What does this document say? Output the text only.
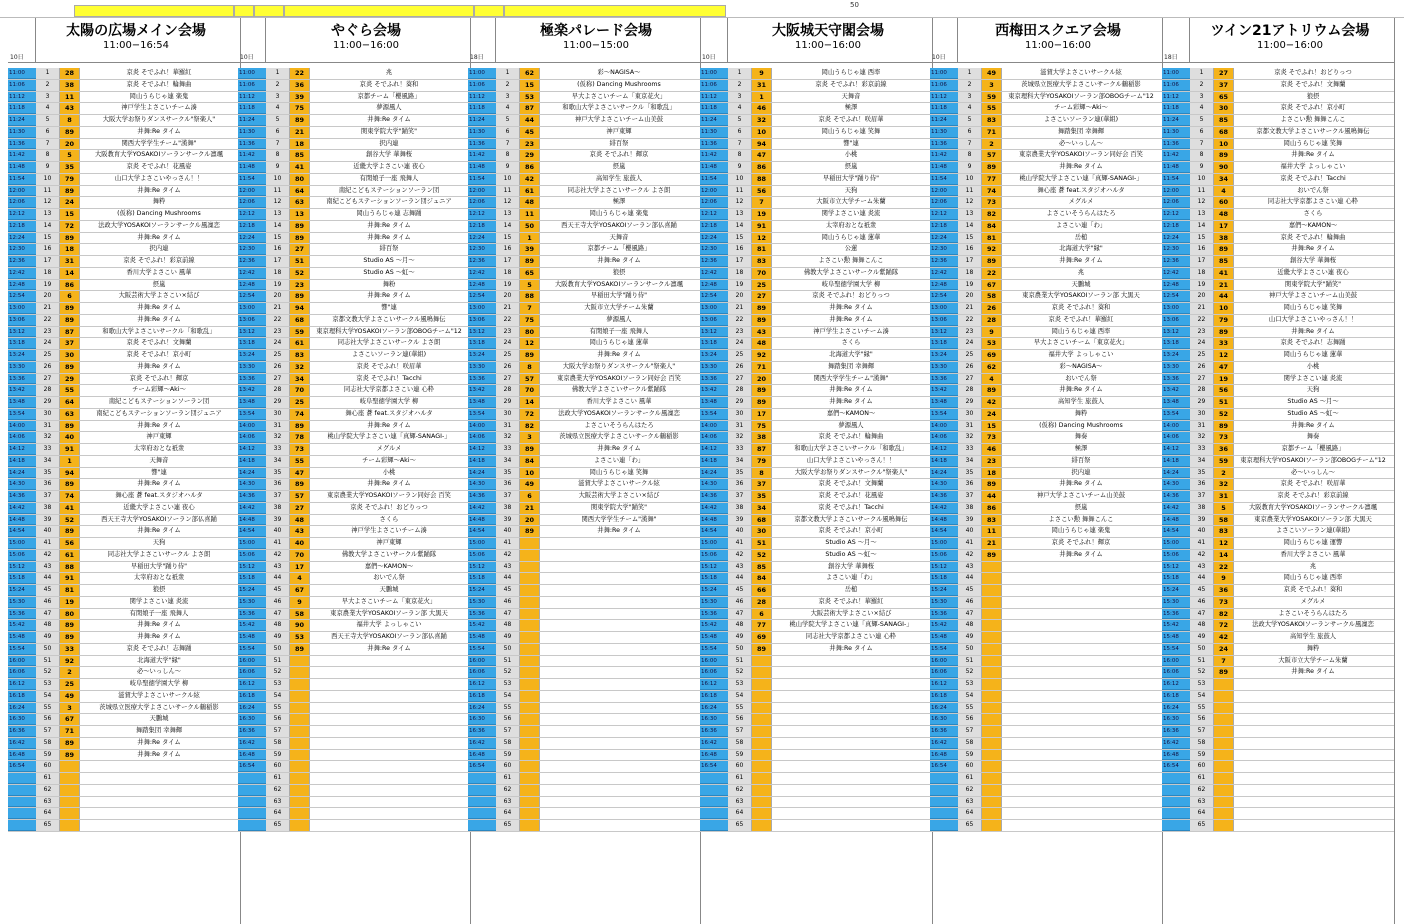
50
10日
太陽の広場メイン会場
11:00−16:54
11:00	1	28	京炎 そでふれ！華羅紅
11:06	2	38	京炎 そでふれ！輪舞曲
11:12	3	11	岡山うらじゃ連 楽鬼
11:18	4	43	神戸学生よさこいチーム湊
11:24	5	8	大阪大学お祭りダンスサークル"祭楽人"
11:30	6	89	井舞:Re タイム
11:36	7	20	関西大学学生チーム"漢舞"
11:42	8	5	大阪教育大学YOSAKOIソーランサークル凛颯
11:48	9	35	京炎 そでふれ！花風姿
11:54	10	79	山口大学よさこいやっさん！！
12:00	11	89	井舞:Re タイム
12:06	12	24	舞粋
12:12	13	15	(仮称) Dancing Mushrooms
12:18	14	72	法政大学YOSAKOIソーランサークル風凜恋
12:24	15	89	井舞:Re タイム
12:30	16	18	択内連
12:36	17	31	京炎 そでふれ！彩京前線
12:42	18	14	香川大学よさこい 風華
12:48	19	86	摂嵐
12:54	20	6	大阪芸術大学よさこい×結び
13:00	21	89	井舞:Re タイム
13:06	22	89	井舞:Re タイム
13:12	23	87	和歌山大学よさこいサークル「和歌乱」
13:18	24	37	京炎 そでふれ！文舞蘭
13:24	25	30	京炎 そでふれ！京小町
13:30	26	89	井舞:Re タイム
13:36	27	29	京炎 そでふれ！輝京
13:42	28	55	チーム彩輝〜Aki〜
13:48	29	64	南紀こどもステーションソーラン団
13:54	30	63	南紀こどもステーションソーラン団ジュニア
14:00	31	89	井舞:Re タイム
14:06	32	40	神戸東輝
14:12	33	91	太宰府おとな祇衆
14:18	34	1	天舞音
14:24	35	94	響"連
14:30	36	89	井舞:Re タイム
14:36	37	74	舞心座 蒼 feat.スタジオハルタ
14:42	38	41	近畿大学よさこい連 夜心
14:48	39	52	西天王寺大学YOSAKOIソーラン部仏喜踊
14:54	40	89	井舞:Re タイム
15:00	41	56	天狗
15:06	42	61	同志社大学よさこいサークル よさ朗
15:12	43	88	早稲田大学"踊り侍"
15:18	44	91	太宰府おとな祇衆
15:24	45	81	狼摂
15:30	46	19	関学よさこい連 炎流
15:36	47	80	有閑娘子一座 飛舞人
15:42	48	89	井舞:Re タイム
15:48	49	89	井舞:Re タイム
15:54	50	33	京炎 そでふれ！志舞踊
16:00	51	92	北海道大学"縁"
16:06	52	2	必〜いっしん〜
16:12	53	25	岐阜聖徳学園大学 柳
16:18	54	49	滋賀大学よさこいサークル絃
16:24	55	3	茨城県立医療大学よさこいサークル鶴稲影
16:30	56	67	天鵬城
16:36	57	71	舞踏集団 幸舞輝
16:42	58	89	井舞:Re タイム
16:48	59	89	井舞:Re タイム
16:54	60
61
62
63
64
65
10日
やぐら会場
11:00−16:00
11:00	1	22	兆
11:06	2	36	京炎 そでふれ！葵和
11:12	3	39	京都チーム「櫻風路」
11:18	4	75	夢源風人
11:24	5	89	井舞:Re タイム
11:30	6	21	関東学院大学"踊笑"
11:36	7	18	択内連
11:42	8	85	創谷大学 華舞桜
11:48	9	41	近畿大学よさこい連 夜心
11:54	10	80	有閑娘子一座 飛舞人
12:00	11	64	南紀こどもステーションソーラン団
12:06	12	63	南紀こどもステーションソーラン団ジュニア
12:12	13	13	岡山うらじゃ連 志舞踊
12:18	14	89	井舞:Re タイム
12:24	15	89	井舞:Re タイム
12:30	16	27	緋百祭
12:36	17	51	Studio AS 〜月〜
12:42	18	52	Studio AS 〜虹〜
12:48	19	23	舞粉
12:54	20	89	井舞:Re タイム
13:00	21	94	響"連
13:06	22	68	京都文教大学よさこいサークル風鳴舞伝
13:12	23	59	東京理科大学YOSAKOIソーラン部OBOGチーム"12
13:18	24	61	同志社大学よさこいサークル よさ朗
13:24	25	83	よさこいソーラン連(華組)
13:30	26	32	京炎 そでふれ！咲眉華
13:36	27	34	京炎 そでふれ！Tacchi
13:42	28	70	同志社大学京都よさこい連 心粋
13:48	29	25	岐阜聖徳学園大学 柳
13:54	30	74	舞心座 蒼 feat.スタジオハルタ
14:00	31	89	井舞:Re タイム
14:06	32	78	桃山学院大学よさこい連「真輝-SANAGI-」
14:12	33	73	メグルメ
14:18	34	55	チーム彩輝〜Aki〜
14:24	35	47	小桃
14:30	36	89	井舞:Re タイム
14:36	37	57	東京農業大学YOSAKOIソーラン同好会 百笑
14:42	38	27	京炎 そでふれ！おどりっつ
14:48	39	48	さくら
14:54	40	43	神戸学生よさこいチーム湊
15:00	41	40	神戸東輝
15:06	42	70	佛教大学よさこいサークル紫踊隊
15:12	43	17	嘉們〜KAMON〜
15:18	44	4	おいでん祭
15:24	45	67	天鵬城
15:30	46	9	早大よさこいチーム「東京花火」
15:36	47	58	東京農業大学YOSAKOIソーラン部 大黒天
15:42	48	90	福井大学 よっしゃこい
15:48	49	53	西天王寺大学YOSAKOIソーラン部仏喜踊
15:54	50	89	井舞:Re タイム
16:00	51
16:06	52
16:12	53
16:18	54
16:24	55
16:30	56
16:36	57
16:42	58
16:48	59
16:54	60
61
62
63
64
65
18日
極楽パレード会場
11:00−15:00
11:00	1	62	彩〜NAGISA〜
11:06	2	15	(仮称) Dancing Mushrooms
11:12	3	53	早大よさこいチーム「東京花火」
11:18	4	87	和歌山大学よさこいサークル「和歌乱」
11:24	5	44	神戸大学よさこいチーム山美鼓
11:30	6	45	神戸東輝
11:36	7	23	緋百祭
11:42	8	29	京炎 そでふれ！輝京
11:48	9	86	摂嵐
11:54	10	42	高知学生 旅鼓人
12:00	11	61	同志社大学よさこいサークル よさ朗
12:06	12	48	極澤
12:12	13	11	岡山うらじゃ連 楽鬼
12:18	14	50	西天王寺大学YOSAKOIソーラン部仏喜踊
12:24	15	1	天舞音
12:30	16	39	京都チーム「櫻風路」
12:36	17	89	井舞:Re タイム
12:42	18	65	狼摂
12:48	19	5	大阪教育大学YOSAKOIソーランサークル凛颯
12:54	20	88	早稲田大学"踊り侍"
13:00	21	7	大阪市立大学チーム朱蘭
13:06	22	75	夢源風人
13:12	23	80	有閑娘子一座 飛舞人
13:18	24	12	岡山うらじゃ連 蓮華
13:24	25	89	井舞:Re タイム
13:30	26	8	大阪大学お祭りダンスサークル"祭楽人"
13:36	27	57	東京農業大学YOSAKOIソーラン同好会 百笑
13:42	28	70	佛教大学よさこいサークル紫踊隊
13:48	29	14	香川大学よさこい 風華
13:54	30	72	法政大学YOSAKOIソーランサークル風凜恋
14:00	31	82	よさこいそうらんはたろ
14:06	32	3	茨城県立医療大学よさこいサークル鶴稲影
14:12	33	89	井舞:Re タイム
14:18	34	84	よさこい連「わ」
14:24	35	10	岡山うらじゃ連 笑舞
14:30	36	49	滋賀大学よさこいサークル絃
14:36	37	6	大阪芸術大学よさこい×結び
14:42	38	21	関東学院大学"踊笑"
14:48	39	20	関西大学学生チーム"漢舞"
14:54	40	89	井舞:Re タイム
15:00	41
15:06	42
15:12	43
15:18	44
15:24	45
15:30	46
15:36	47
15:42	48
15:48	49
15:54	50
16:00	51
16:06	52
16:12	53
16:18	54
16:24	55
16:30	56
16:36	57
16:42	58
16:48	59
16:54	60
61
62
63
64
65
10日
大阪城天守閣会場
11:00−16:00
11:00	1	9	岡山うらじゃ連 西率
11:06	2	31	京炎 そでふれ！彩京前線
11:12	3	1	天舞音
11:18	4	46	極澤
11:24	5	32	京炎 そでふれ！咲眉華
11:30	6	10	岡山うらじゃ連 笑舞
11:36	7	94	響"連
11:42	8	47	小桃
11:48	9	86	摂嵐
11:54	10	88	早稲田大学"踊り侍"
12:00	11	56	天狗
12:06	12	7	大阪市立大学チーム朱蘭
12:12	13	19	関学よさこい連 炎流
12:18	14	91	太宰府おとな祇衆
12:24	15	12	岡山うらじゃ連 蓮華
12:30	16	81	公蓮
12:36	17	83	よさこい勲 舞舞こんこ
12:42	18	70	佛教大学よさこいサークル紫踊隊
12:48	19	25	岐阜聖徳学園大学 柳
12:54	20	27	京炎 そでふれ！おどりっつ
13:00	21	89	井舞:Re タイム
13:06	22	89	井舞:Re タイム
13:12	23	43	神戸学生よさこいチーム湊
13:18	24	48	さくら
13:24	25	92	北海道大学"縁"
13:30	26	71	舞踏集団 幸舞輝
13:36	27	20	関西大学学生チーム"漢舞"
13:42	28	89	井舞:Re タイム
13:48	29	89	井舞:Re タイム
13:54	30	17	嘉們〜KAMON〜
14:00	31	75	夢源風人
14:06	32	38	京炎 そでふれ！輪舞曲
14:12	33	87	和歌山大学よさこいサークル「和歌乱」
14:18	34	79	山口大学よさこいやっさん！！
14:24	35	8	大阪大学お祭りダンスサークル"祭楽人"
14:30	36	37	京炎 そでふれ！文舞蘭
14:36	37	35	京炎 そでふれ！花風姿
14:42	38	34	京炎 そでふれ！Tacchi
14:48	39	68	京都文教大学よさこいサークル風鳴舞伝
14:54	40	30	京炎 そでふれ！京小町
15:00	41	51	Studio AS 〜月〜
15:06	42	52	Studio AS 〜虹〜
15:12	43	85	創谷大学 華舞桜
15:18	44	84	よさこい連「わ」
15:24	45	66	岳槌
15:30	46	28	京炎 そでふれ！華羅紅
15:36	47	6	大阪芸術大学よさこい×結び
15:42	48	77	桃山学院大学よさこい連「真輝-SANAGI-」
15:48	49	69	同志社大学京都よさこい連 心粋
15:54	50	89	井舞:Re タイム
16:00	51
16:06	52
16:12	53
16:18	54
16:24	55
16:30	56
16:36	57
16:42	58
16:48	59
16:54	60
61
62
63
64
65
10日
西梅田スクエア会場
11:00−16:00
11:00	1	49	滋賀大学よさこいサークル絃
11:06	2	3	茨城県立医療大学よさこいサークル鶴稲影
11:12	3	59	東京理科大学YOSAKOIソーラン部OBOGチーム"12
11:18	4	55	チーム彩輝〜Aki〜
11:24	5	83	よさこいソーラン連(華組)
11:30	6	71	舞踏集団 幸舞輝
11:36	7	2	必〜いっしん〜
11:42	8	57	東京農業大学YOSAKOIソーラン同好会 百笑
11:48	9	89	井舞:Re タイム
11:54	10	77	桃山学院大学よさこい連「真輝-SANAGI-」
12:00	11	74	舞心座 蒼 feat.スタジオハルタ
12:06	12	73	メグルメ
12:12	13	82	よさこいそうらんはたろ
12:18	14	84	よさこい連「わ」
12:24	15	81	岳槌
12:30	16	92	北海道大学"縁"
12:36	17	89	井舞:Re タイム
12:42	18	22	兆
12:48	19	67	天鵬城
12:54	20	58	東京農業大学YOSAKOIソーラン部 大黒天
13:00	21	26	京炎 そでふれ！葵和
13:06	22	28	京炎 そでふれ！華羅紅
13:12	23	9	岡山うらじゃ連 西率
13:18	24	53	早大よさこいチーム「東京花火」
13:24	25	69	福井大学 よっしゃこい
13:30	26	62	彩〜NAGISA〜
13:36	27	4	おいでん祭
13:42	28	89	井舞:Re タイム
13:48	29	42	高知学生 旅鼓人
13:54	30	24	舞粋
14:00	31	15	(仮称) Dancing Mushrooms
14:06	32	73	舞奏
14:12	33	46	極澤
14:18	34	23	緋百祭
14:24	35	18	択内連
14:30	36	89	井舞:Re タイム
14:36	37	44	神戸大学よさこいチーム山美鼓
14:42	38	86	摂嵐
14:48	39	83	よさこい勲 舞舞こんこ
14:54	40	11	岡山うらじゃ連 楽鬼
15:00	41	21	京炎 そでふれ！輝京
15:06	42	89	井舞:Re タイム
15:12	43
15:18	44
15:24	45
15:30	46
15:36	47
15:42	48
15:48	49
15:54	50
16:00	51
16:06	52
16:12	53
16:18	54
16:24	55
16:30	56
16:36	57
16:42	58
16:48	59
16:54	60
61
62
63
64
65
18日
ツイン21アトリウム会場
11:00−16:00
11:00	1	27	京炎 そでふれ！おどりっつ
11:06	2	37	京炎 そでふれ！文舞蘭
11:12	3	65	狼摂
11:18	4	30	京炎 そでふれ！京小町
11:24	5	85	よさこい勲 舞舞こんこ
11:30	6	68	京都文教大学よさこいサークル風鳴舞伝
11:36	7	10	岡山うらじゃ連 笑舞
11:42	8	89	井舞:Re タイム
11:48	9	90	福井大学 よっしゃこい
11:54	10	34	京炎 そでふれ！Tacchi
12:00	11	4	おいでん祭
12:06	12	60	同志社大学京都よさこい連 心粋
12:12	13	48	さくら
12:18	14	17	嘉們〜KAMON〜
12:24	15	38	京炎 そでふれ！輪舞曲
12:30	16	89	井舞:Re タイム
12:36	17	85	創谷大学 華舞桜
12:42	18	41	近畿大学よさこい連 夜心
12:48	19	21	関東学院大学"踊笑"
12:54	20	44	神戸大学よさこいチーム山美鼓
13:00	21	10	岡山うらじゃ連 笑舞
13:06	22	79	山口大学よさこいやっさん！！
13:12	23	89	井舞:Re タイム
13:18	24	33	京炎 そでふれ！志舞踊
13:24	25	12	岡山うらじゃ連 蓮華
13:30	26	47	小桃
13:36	27	19	関学よさこい連 炎流
13:42	28	56	天狗
13:48	29	51	Studio AS 〜月〜
13:54	30	52	Studio AS 〜虹〜
14:00	31	89	井舞:Re タイム
14:06	32	73	舞奏
14:12	33	36	京都チーム「櫻風路」
14:18	34	59	東京理科大学YOSAKOIソーラン部OBOGチーム"12
14:24	35	2	必〜いっしん〜
14:30	36	32	京炎 そでふれ！咲眉華
14:36	37	31	京炎 そでふれ！彩京前線
14:42	38	5	大阪教育大学YOSAKOIソーランサークル凛颯
14:48	39	58	東京農業大学YOSAKOIソーラン部 大黒天
14:54	40	83	よさこいソーラン連(華組)
15:00	41	12	岡山うらじゃ連 運響
15:06	42	14	香川大学よさこい 風華
15:12	43	22	兆
15:18	44	9	岡山うらじゃ連 西率
15:24	45	36	京炎 そでふれ！葵和
15:30	46	73	メグルメ
15:36	47	82	よさこいそうらんはたろ
15:42	48	72	法政大学YOSAKOIソーランサークル風凜恋
15:48	49	42	高知学生 旅鼓人
15:54	50	24	舞粋
16:00	51	7	大阪市立大学チーム朱蘭
16:06	52	89	井舞:Re タイム
16:12	53
16:18	54
16:24	55
16:30	56
16:36	57
16:42	58
16:48	59
16:54	60
61
62
63
64
65
